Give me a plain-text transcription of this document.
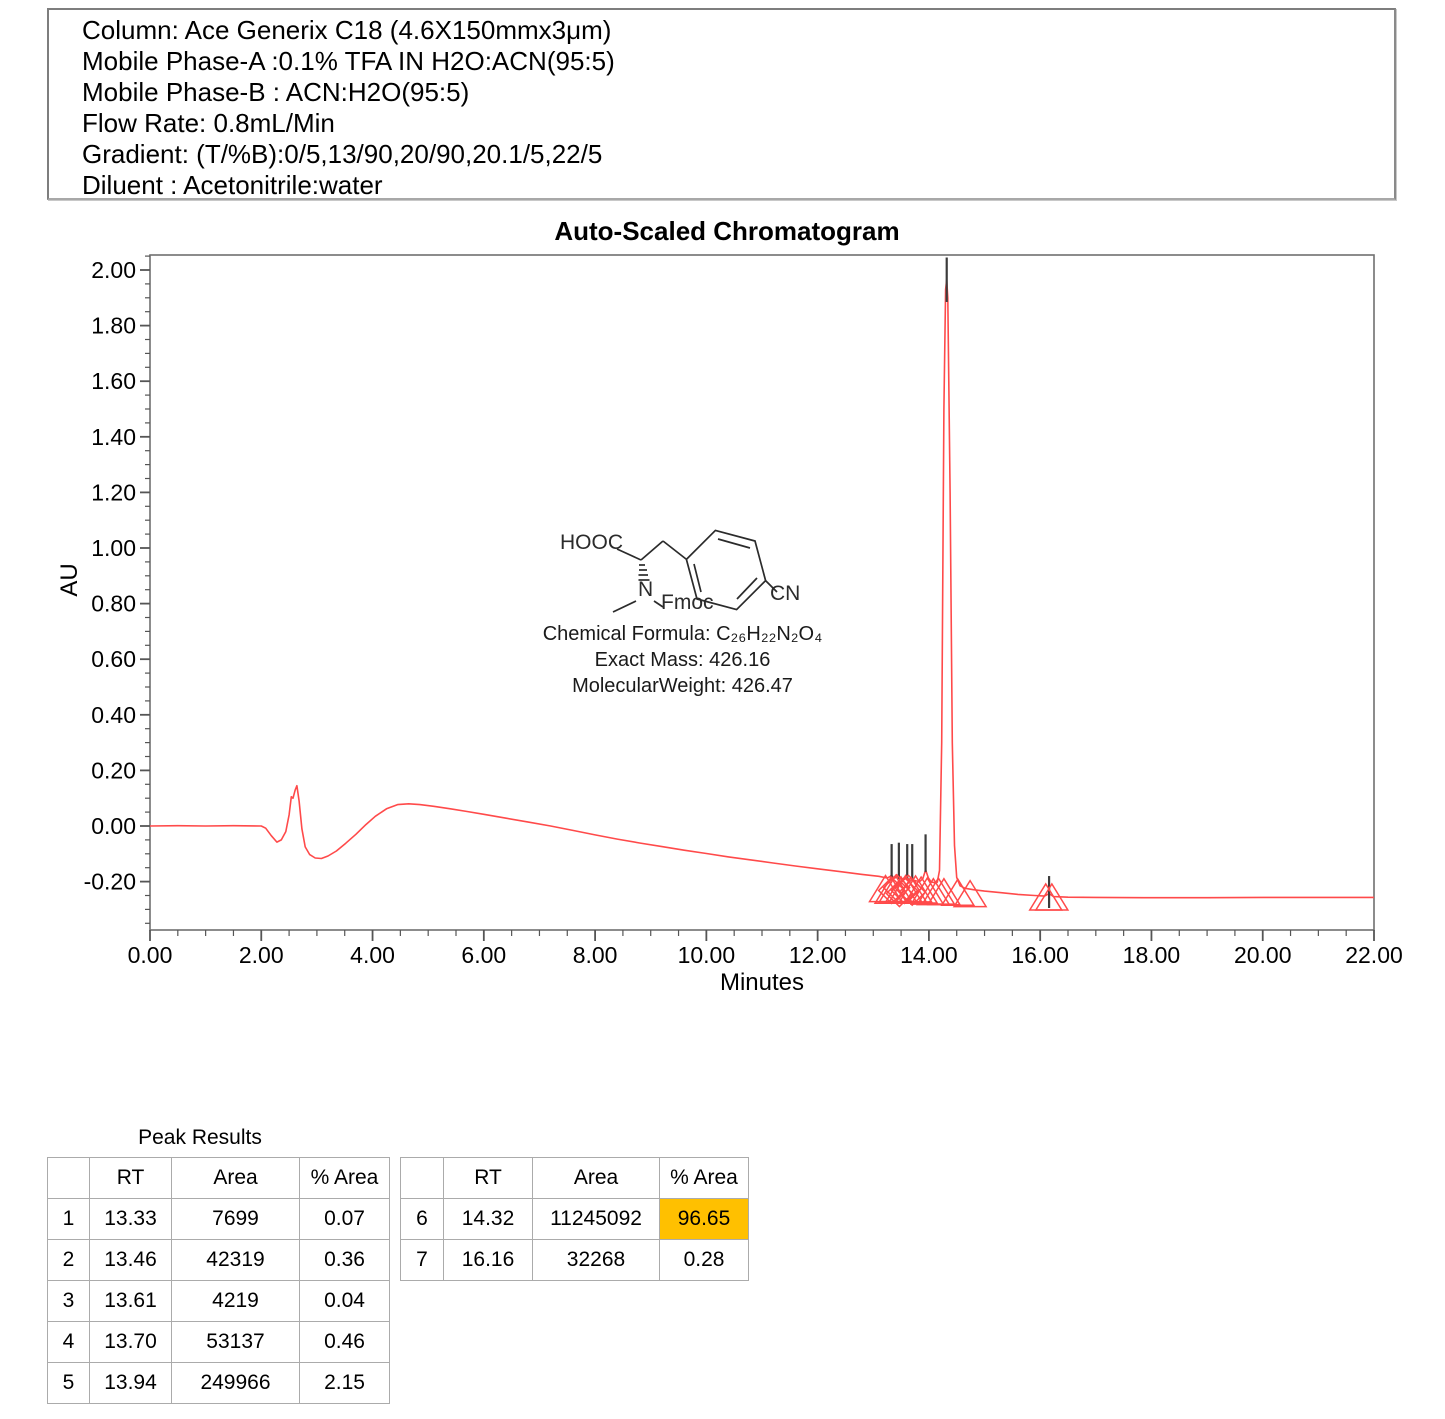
Column: Ace Generix C18 (4.6X150mmx3μm)
Mobile Phase-A :0.1% TFA IN H2O:ACN(95:5)
Mobile Phase-B : ACN:H2O(95:5)
Flow Rate: 0.8mL/Min
Gradient: (T/%B):0/5,13/90,20/90,20.1/5,22/5
Diluent : Acetonitrile:water
Auto-Scaled Chromatogram
0.00	2.00	4.00	6.00	8.00	10.00 12.00 14.00 16.00 18.00 20.00 22.00
-0.20
0.00
0.20
0.40
0.60
0.80
1.00
1.20
1.40
1.60
1.80
2.00
AU
Minutes
HOOC
N
Fmoc	CN
Chemical Formula: C₂₆H₂₂N₂O₄
Exact Mass: 426.16
MolecularWeight: 426.47
Peak Results
	RT	Area	% Area
1	13.33	7699	0.07
2	13.46	42319	0.36
3	13.61	4219	0.04
4	13.70	53137	0.46
5	13.94	249966	2.15
	RT	Area	% Area
6	14.32	11245092	96.65
7	16.16	32268	0.28
